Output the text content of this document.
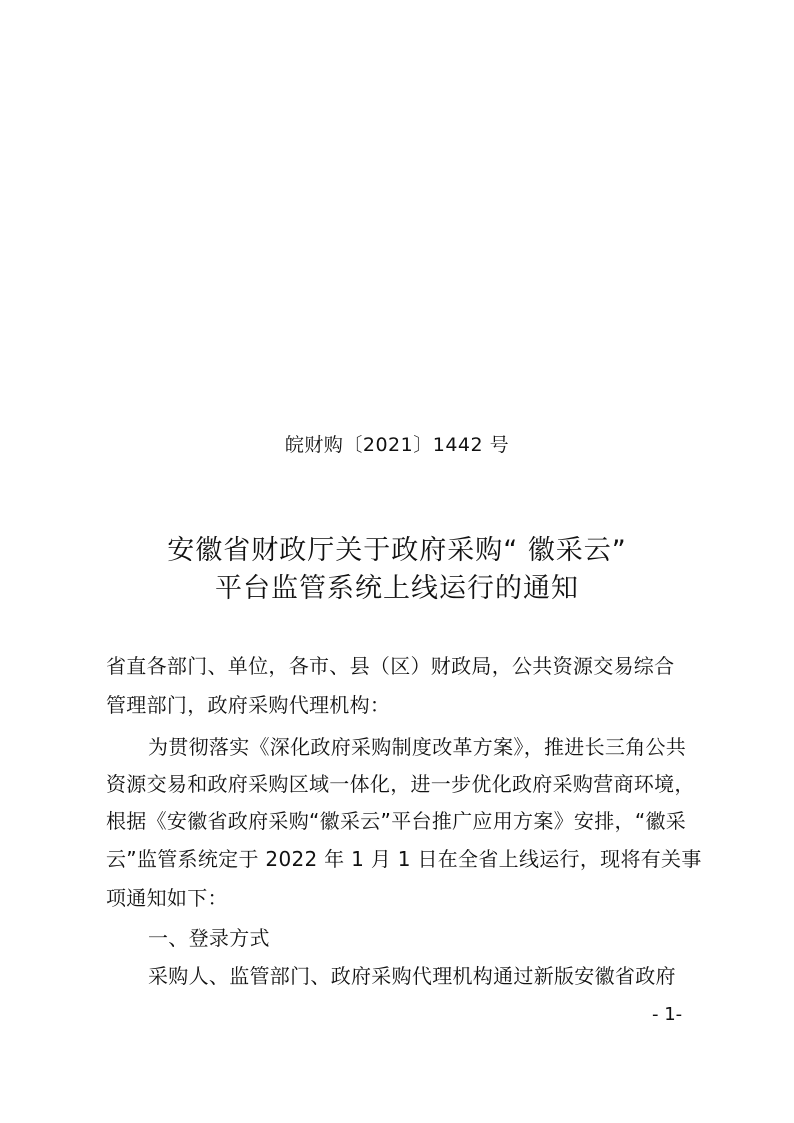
皖财购〔2021〕1442 号
安徽省财政厅关于政府采购“ 徽采云”
平台监管系统上线运行的通知
省直各部门、单位，各市、县（区）财政局，公共资源交易综合
管理部门，政府采购代理机构：
为贯彻落实《深化政府采购制度改革方案》，推进长三角公共
资源交易和政府采购区域一体化，进一步优化政府采购营商环境，
根据《安徽省政府采购“徽采云”平台推广应用方案》安排，“徽采
云”监管系统定于 2022 年 1 月 1 日在全省上线运行，现将有关事
项通知如下：
一、登录方式
采购人、监管部门、政府采购代理机构通过新版安徽省政府
- 1-
